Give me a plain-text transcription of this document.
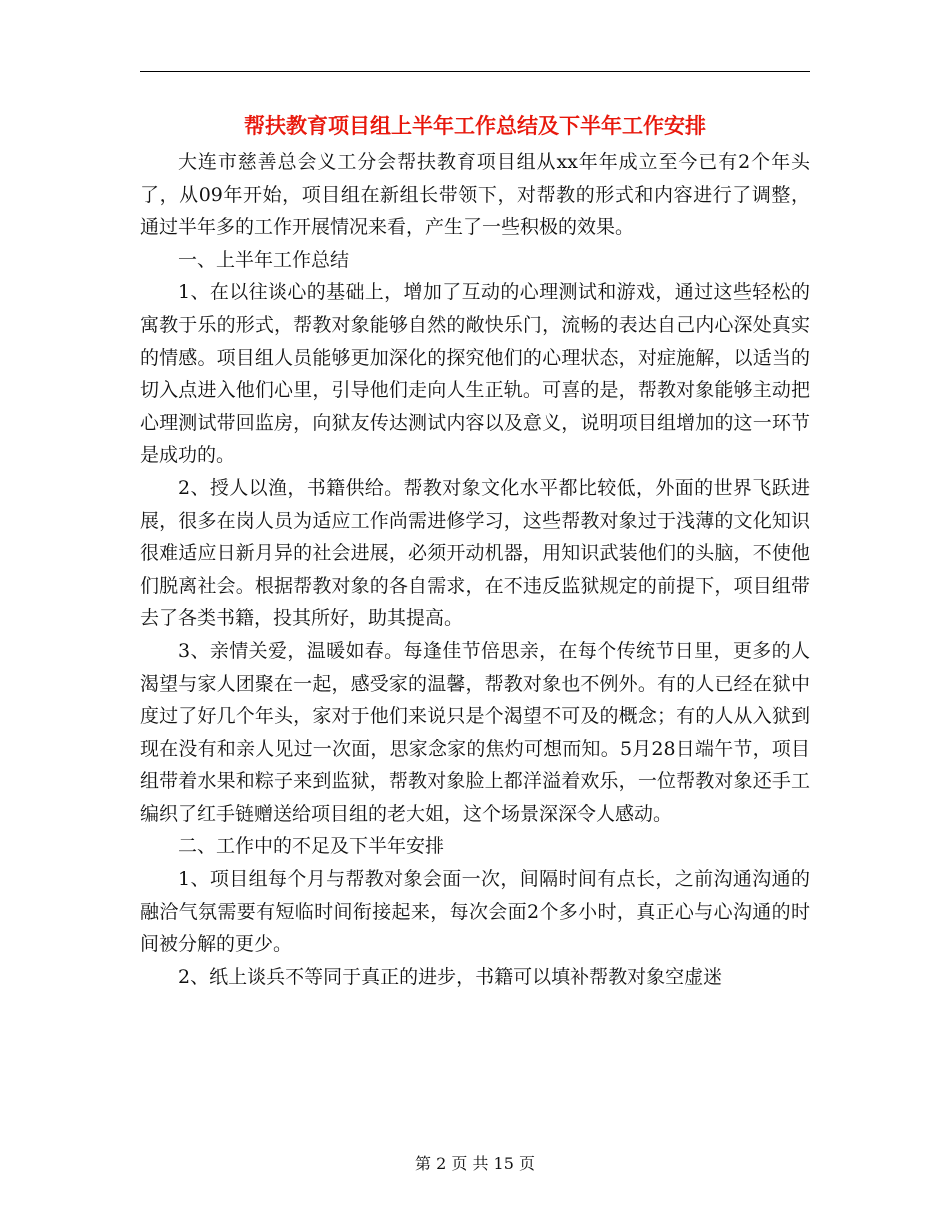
帮扶教育项目组上半年工作总结及下半年工作安排

大连市慈善总会义工分会帮扶教育项目组从xx年年成立至今已有2个年头了，从09年开始，项目组在新组长带领下，对帮教的形式和内容进行了调整，通过半年多的工作开展情况来看，产生了一些积极的效果。

一、上半年工作总结

1、在以往谈心的基础上，增加了互动的心理测试和游戏，通过这些轻松的寓教于乐的形式，帮教对象能够自然的敞快乐门，流畅的表达自己内心深处真实的情感。项目组人员能够更加深化的探究他们的心理状态，对症施解，以适当的切入点进入他们心里，引导他们走向人生正轨。可喜的是，帮教对象能够主动把心理测试带回监房，向狱友传达测试内容以及意义，说明项目组增加的这一环节是成功的。

2、授人以渔，书籍供给。帮教对象文化水平都比较低，外面的世界飞跃进展，很多在岗人员为适应工作尚需进修学习，这些帮教对象过于浅薄的文化知识很难适应日新月异的社会进展，必须开动机器，用知识武装他们的头脑，不使他们脱离社会。根据帮教对象的各自需求，在不违反监狱规定的前提下，项目组带去了各类书籍，投其所好，助其提高。

3、亲情关爱，温暖如春。每逢佳节倍思亲，在每个传统节日里，更多的人渴望与家人团聚在一起，感受家的温馨，帮教对象也不例外。有的人已经在狱中度过了好几个年头，家对于他们来说只是个渴望不可及的概念；有的人从入狱到现在没有和亲人见过一次面，思家念家的焦灼可想而知。5月28日端午节，项目组带着水果和粽子来到监狱，帮教对象脸上都洋溢着欢乐，一位帮教对象还手工编织了红手链赠送给项目组的老大姐，这个场景深深令人感动。

二、工作中的不足及下半年安排

1、项目组每个月与帮教对象会面一次，间隔时间有点长，之前沟通沟通的融洽气氛需要有短临时间衔接起来，每次会面2个多小时，真正心与心沟通的时间被分解的更少。

2、纸上谈兵不等同于真正的进步，书籍可以填补帮教对象空虚迷

第 2 页 共 15 页
